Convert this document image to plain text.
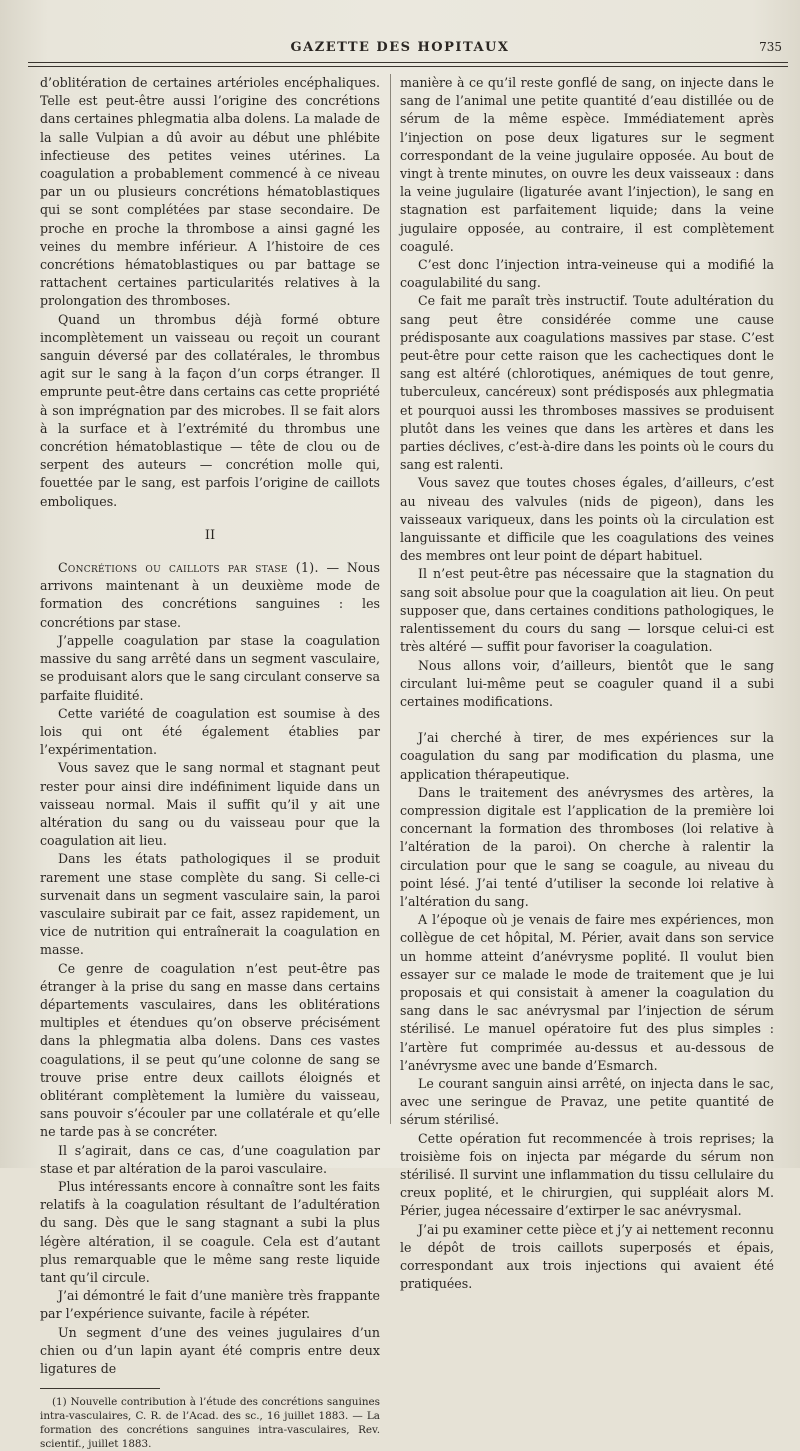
GAZETTE DES HOPITAUX	735

d’oblitération de certaines artérioles encéphaliques. Telle est peut-être aussi l’origine des concrétions dans certaines phlegmatia alba dolens. La malade de la salle Vulpian a dû avoir au début une phlébite infectieuse des petites veines utérines. La coagulation a probablement commencé à ce niveau par un ou plusieurs concrétions hématoblastiques qui se sont complétées par stase secondaire. De proche en proche la thrombose a ainsi gagné les veines du membre inférieur. A l’histoire de ces concrétions hématoblastiques ou par battage se rattachent certaines particularités relatives à la prolongation des thromboses.

Quand un thrombus déjà formé obture incomplètement un vaisseau ou reçoit un courant sanguin déversé par des collatérales, le thrombus agit sur le sang à la façon d’un corps étranger. Il emprunte peut-être dans certains cas cette propriété à son imprégnation par des microbes. Il se fait alors à la surface et à l’extrémité du thrombus une concrétion hématoblastique — tête de clou ou de serpent des auteurs — concrétion molle qui, fouettée par le sang, est parfois l’origine de caillots emboliques.

II

Concrétions ou caillots par stase (1). — Nous arrivons maintenant à un deuxième mode de formation des concrétions sanguines : les concrétions par stase.

J’appelle coagulation par stase la coagulation massive du sang arrêté dans un segment vasculaire, se produisant alors que le sang circulant conserve sa parfaite fluidité.

Cette variété de coagulation est soumise à des lois qui ont été également établies par l’expérimentation.

Vous savez que le sang normal et stagnant peut rester pour ainsi dire indéfiniment liquide dans un vaisseau normal. Mais il suffit qu’il y ait une altération du sang ou du vaisseau pour que la coagulation ait lieu.

Dans les états pathologiques il se produit rarement une stase complète du sang. Si celle-ci survenait dans un segment vasculaire sain, la paroi vasculaire subirait par ce fait, assez rapidement, un vice de nutrition qui entraînerait la coagulation en masse.

Ce genre de coagulation n’est peut-être pas étranger à la prise du sang en masse dans certains départements vasculaires, dans les oblitérations multiples et étendues qu’on observe précisément dans la phlegmatia alba dolens. Dans ces vastes coagulations, il se peut qu’une colonne de sang se trouve prise entre deux caillots éloignés et oblitérant complètement la lumière du vaisseau, sans pouvoir s’écouler par une collatérale et qu’elle ne tarde pas à se concréter.

Il s’agirait, dans ce cas, d’une coagulation par stase et par altération de la paroi vasculaire.

Plus intéressants encore à connaître sont les faits relatifs à la coagulation résultant de l’adultération du sang. Dès que le sang stagnant a subi la plus légère altération, il se coagule. Cela est d’autant plus remarquable que le même sang reste liquide tant qu’il circule.

J’ai démontré le fait d’une manière très frappante par l’expérience suivante, facile à répéter.

Un segment d’une des veines jugulaires d’un chien ou d’un lapin ayant été compris entre deux ligatures de

(1) Nouvelle contribution à l’étude des concrétions sanguines intra-vasculaires, C. R. de l’Acad. des sc., 16 juillet 1883. — La formation des concrétions sanguines intra-vasculaires, Rev. scientif., juillet 1883.

manière à ce qu’il reste gonflé de sang, on injecte dans le sang de l’animal une petite quantité d’eau distillée ou de sérum de la même espèce. Immédiatement après l’injection on pose deux ligatures sur le segment correspondant de la veine jugulaire opposée. Au bout de vingt à trente minutes, on ouvre les deux vaisseaux : dans la veine jugulaire (ligaturée avant l’injection), le sang en stagnation est parfaitement liquide; dans la veine jugulaire opposée, au contraire, il est complètement coagulé.

C’est donc l’injection intra-veineuse qui a modifié la coagulabilité du sang.

Ce fait me paraît très instructif. Toute adultération du sang peut être considérée comme une cause prédisposante aux coagulations massives par stase. C’est peut-être pour cette raison que les cachectiques dont le sang est altéré (chlorotiques, anémiques de tout genre, tuberculeux, cancéreux) sont prédisposés aux phlegmatia et pourquoi aussi les thromboses massives se produisent plutôt dans les veines que dans les artères et dans les parties déclives, c’est-à-dire dans les points où le cours du sang est ralenti.

Vous savez que toutes choses égales, d’ailleurs, c’est au niveau des valvules (nids de pigeon), dans les vaisseaux variqueux, dans les points où la circulation est languissante et difficile que les coagulations des veines des membres ont leur point de départ habituel.

Il n’est peut-être pas nécessaire que la stagnation du sang soit absolue pour que la coagulation ait lieu. On peut supposer que, dans certaines conditions pathologiques, le ralentissement du cours du sang — lorsque celui-ci est très altéré — suffit pour favoriser la coagulation.

Nous allons voir, d’ailleurs, bientôt que le sang circulant lui-même peut se coaguler quand il a subi certaines modifications.

J’ai cherché à tirer, de mes expériences sur la coagulation du sang par modification du plasma, une application thérapeutique.

Dans le traitement des anévrysmes des artères, la compression digitale est l’application de la première loi concernant la formation des thromboses (loi relative à l’altération de la paroi). On cherche à ralentir la circulation pour que le sang se coagule, au niveau du point lésé. J’ai tenté d’utiliser la seconde loi relative à l’altération du sang.

A l’époque où je venais de faire mes expériences, mon collègue de cet hôpital, M. Périer, avait dans son service un homme atteint d’anévrysme poplité. Il voulut bien essayer sur ce malade le mode de traitement que je lui proposais et qui consistait à amener la coagulation du sang dans le sac anévrysmal par l’injection de sérum stérilisé. Le manuel opératoire fut des plus simples : l’artère fut comprimée au-dessus et au-dessous de l’anévrysme avec une bande d’Esmarch.

Le courant sanguin ainsi arrêté, on injecta dans le sac, avec une seringue de Pravaz, une petite quantité de sérum stérilisé.

Cette opération fut recommencée à trois reprises; la troisième fois on injecta par mégarde du sérum non stérilisé. Il survint une inflammation du tissu cellulaire du creux poplité, et le chirurgien, qui suppléait alors M. Périer, jugea nécessaire d’extirper le sac anévrysmal.

J’ai pu examiner cette pièce et j’y ai nettement reconnu le dépôt de trois caillots superposés et épais, correspondant aux trois injections qui avaient été pratiquées.
